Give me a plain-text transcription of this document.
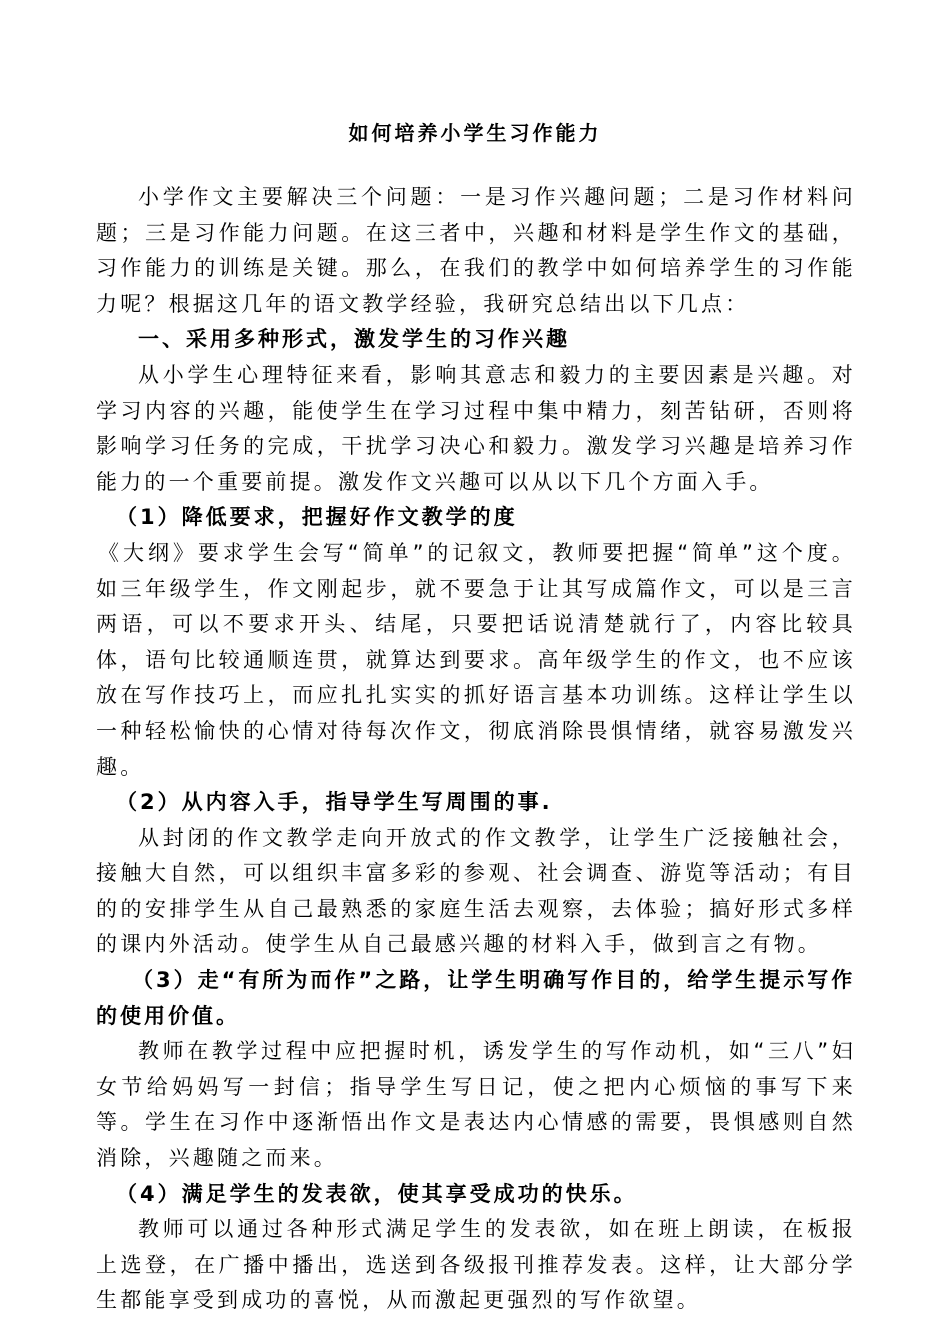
如何培养小学生习作能力

小学作文主要解决三个问题：一是习作兴趣问题；二是习作材料问题；三是习作能力问题。在这三者中，兴趣和材料是学生作文的基础，习作能力的训练是关键。那么，在我们的教学中如何培养学生的习作能力呢？根据这几年的语文教学经验，我研究总结出以下几点：

一、采用多种形式，激发学生的习作兴趣

从小学生心理特征来看，影响其意志和毅力的主要因素是兴趣。对学习内容的兴趣，能使学生在学习过程中集中精力，刻苦钻研，否则将影响学习任务的完成，干扰学习决心和毅力。激发学习兴趣是培养习作能力的一个重要前提。激发作文兴趣可以从以下几个方面入手。

（1）降低要求，把握好作文教学的度

《大纲》要求学生会写“简单”的记叙文，教师要把握“简单”这个度。如三年级学生，作文刚起步，就不要急于让其写成篇作文，可以是三言两语，可以不要求开头、结尾，只要把话说清楚就行了，内容比较具体，语句比较通顺连贯，就算达到要求。高年级学生的作文，也不应该放在写作技巧上，而应扎扎实实的抓好语言基本功训练。这样让学生以一种轻松愉快的心情对待每次作文，彻底消除畏惧情绪，就容易激发兴趣。

（2）从内容入手，指导学生写周围的事.

从封闭的作文教学走向开放式的作文教学，让学生广泛接触社会，接触大自然，可以组织丰富多彩的参观、社会调查、游览等活动；有目的的安排学生从自己最熟悉的家庭生活去观察，去体验；搞好形式多样的课内外活动。使学生从自己最感兴趣的材料入手，做到言之有物。

（3）走“有所为而作”之路，让学生明确写作目的，给学生提示写作的使用价值。

教师在教学过程中应把握时机，诱发学生的写作动机，如“三八”妇女节给妈妈写一封信；指导学生写日记，使之把内心烦恼的事写下来等。学生在习作中逐渐悟出作文是表达内心情感的需要，畏惧感则自然消除，兴趣随之而来。

（4）满足学生的发表欲，使其享受成功的快乐。

教师可以通过各种形式满足学生的发表欲，如在班上朗读，在板报上选登，在广播中播出，选送到各级报刊推荐发表。这样，让大部分学生都能享受到成功的喜悦，从而激起更强烈的写作欲望。
